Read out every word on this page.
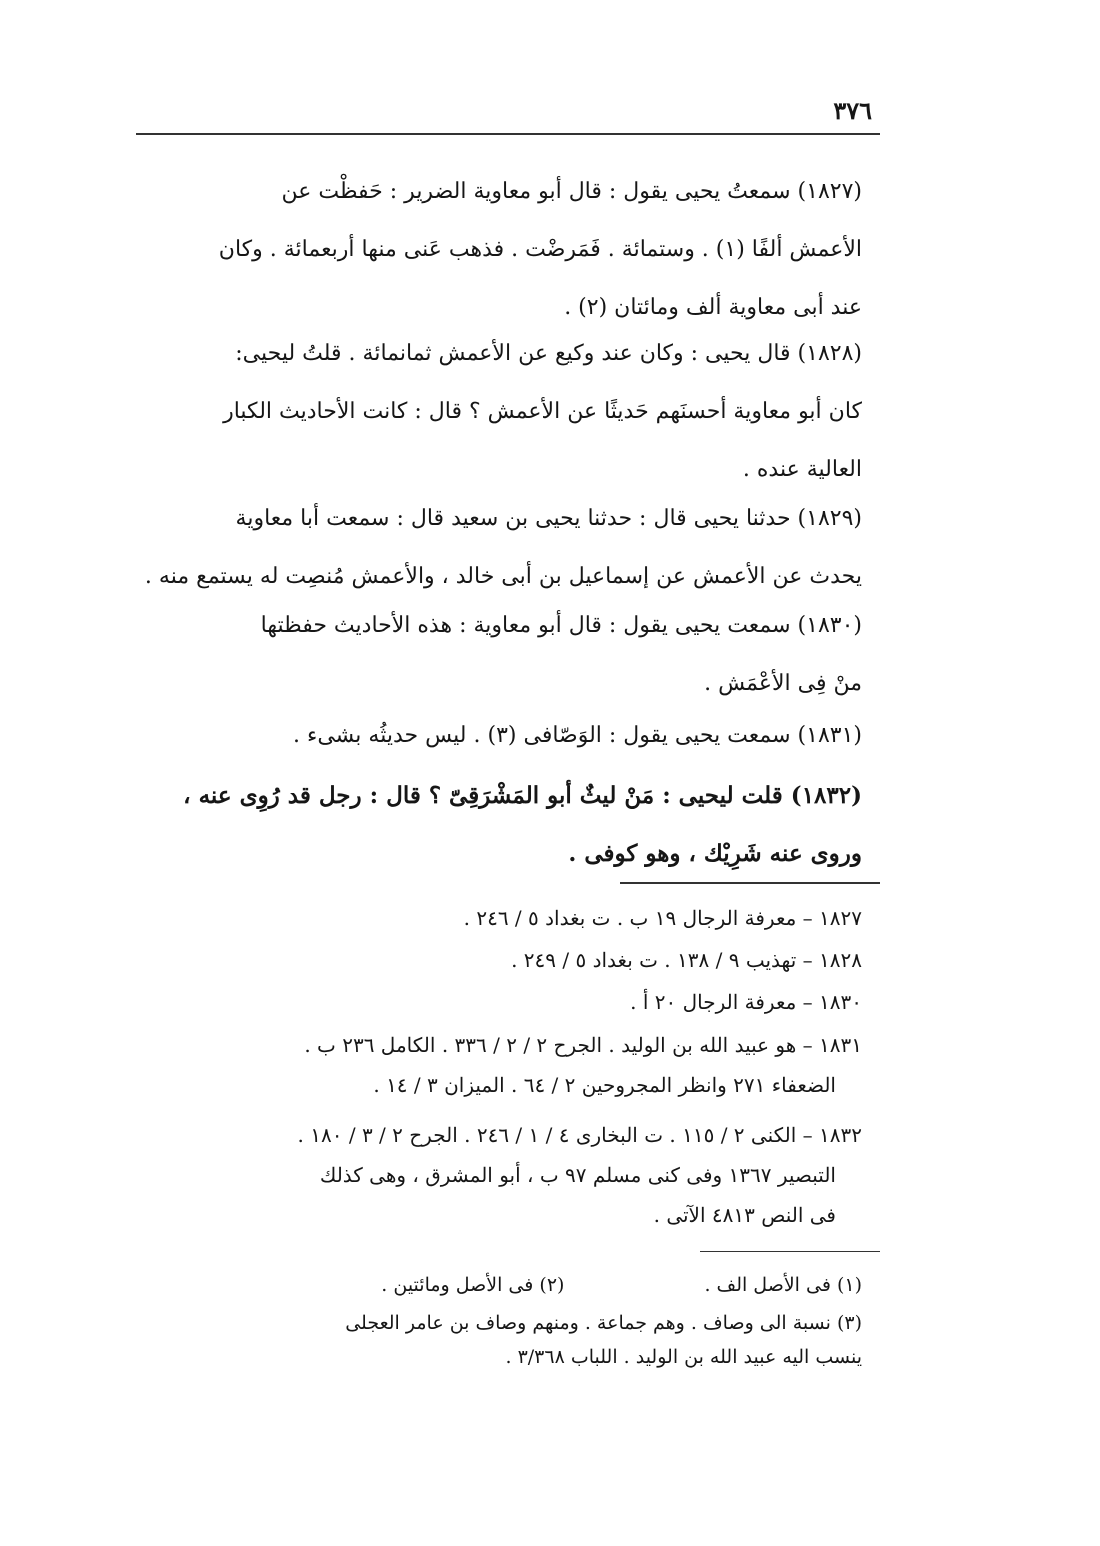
٣٧٦

(١٨٢٧) سمعتُ يحيى يقول : قال أبو معاوية الضرير : حَفظْت عن
الأعمش ألفًا (١) . وستمائة . فَمَرضْت . فذهب عَنى منها أربعمائة . وكان
عند أبى معاوية ألف ومائتان (٢) .

(١٨٢٨) قال يحيى : وكان عند وكيع عن الأعمش ثمانمائة . قلتُ ليحيى:
كان أبو معاوية أحسنَهم حَديثًا عن الأعمش ؟ قال : كانت الأحاديث الكبار
العالية عنده .

(١٨٢٩) حدثنا يحيى قال : حدثنا يحيى بن سعيد قال : سمعت أبا معاوية
يحدث عن الأعمش عن إسماعيل بن أبى خالد ، والأعمش مُنصِت له يستمع منه .

(١٨٣٠) سمعت يحيى يقول : قال أبو معاوية : هذه الأحاديث حفظتها
منْ فِى الأعْمَش .

(١٨٣١) سمعت يحيى يقول : الوَصّافى (٣) . ليس حديثُه بشىء .

(١٨٣٢) قلت ليحيى : مَنْ ليثٌ أبو المَشْرَقِىّ ؟ قال : رجل قد رُوِى عنه ،
وروى عنه شَرِيْك ، وهو كوفى .

١٨٢٧ – معرفة الرجال ١٩ ب . ت بغداد ٥ / ٢٤٦ .

١٨٢٨ – تهذيب ٩ / ١٣٨ . ت بغداد ٥ / ٢٤٩ .

١٨٣٠ – معرفة الرجال ٢٠ أ .

١٨٣١ – هو عبيد الله بن الوليد . الجرح ٢ / ٢ / ٣٣٦ . الكامل ٢٣٦ ب .
الضعفاء ٢٧١ وانظر المجروحين ٢ / ٦٤ . الميزان ٣ / ١٤ .

١٨٣٢ – الكنى ٢ / ١١٥ . ت البخارى ٤ / ١ / ٢٤٦ . الجرح ٢ / ٣ / ١٨٠ .
التبصير ١٣٦٧ وفى كنى مسلم ٩٧ ب ، أبو المشرق ، وهى كذلك
فى النص ٤٨١٣ الآتى .

(١) فى الأصل الف .(٢) فى الأصل ومائتين .

(٣) نسبة الى وصاف . وهم جماعة . ومنهم وصاف بن عامر العجلى
ينسب اليه عبيد الله بن الوليد . اللباب ٣/٣٦٨ .
